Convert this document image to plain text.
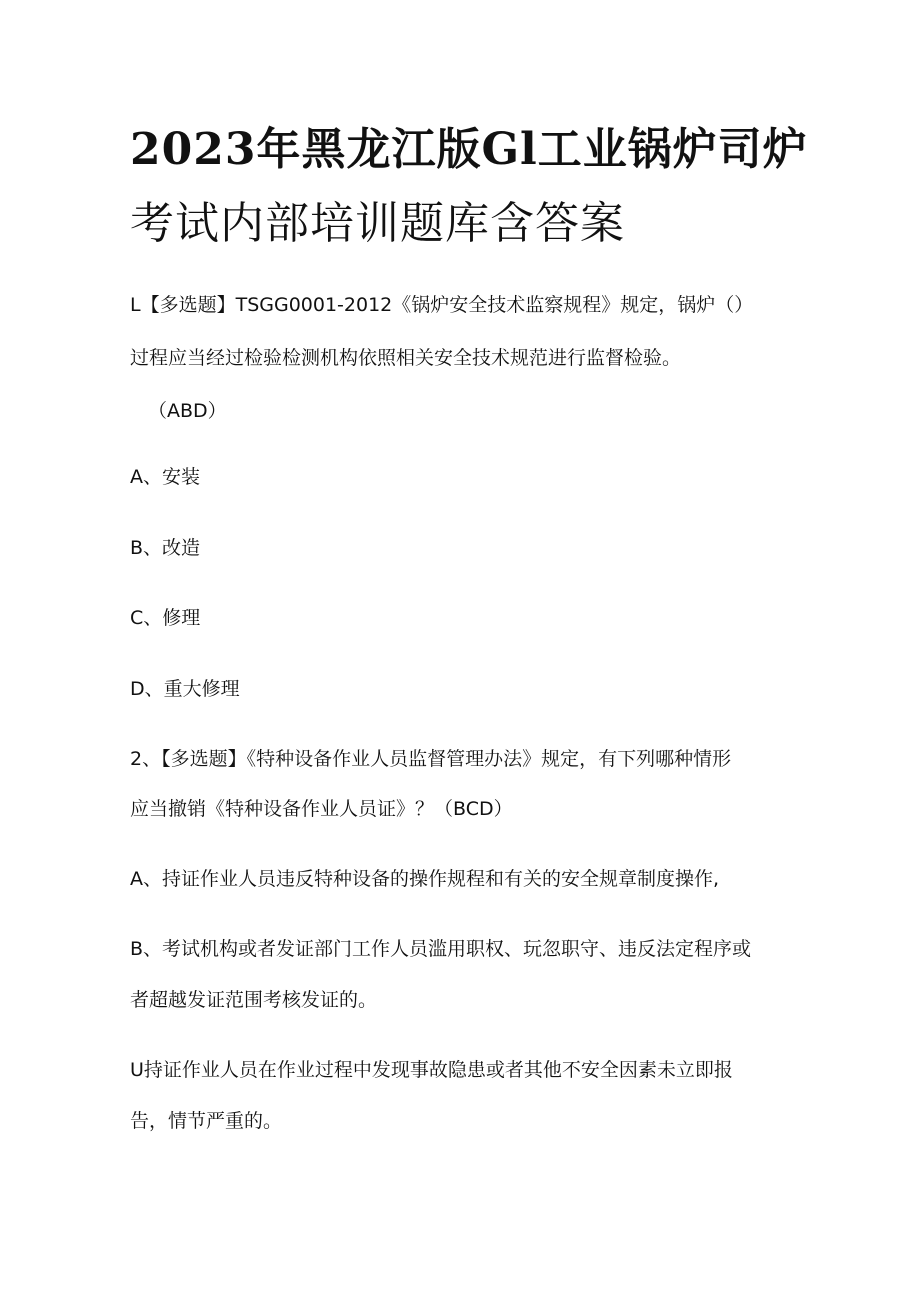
2023年黑龙江版Gl工业锅炉司炉
考试内部培训题库含答案
L【多选题】TSGG0001-2012《锅炉安全技术监察规程》规定，锅炉（）
过程应当经过检验检测机构依照相关安全技术规范进行监督检验。
（ABD）
A、安装
B、改造
C、修理
D、重大修理
2、【多选题】《特种设备作业人员监督管理办法》规定，有下列哪种情形
应当撤销《特种设备作业人员证》？（BCD）
A、持证作业人员违反特种设备的操作规程和有关的安全规章制度操作,
B、考试机构或者发证部门工作人员滥用职权、玩忽职守、违反法定程序或
者超越发证范围考核发证的。
U持证作业人员在作业过程中发现事故隐患或者其他不安全因素未立即报
告，情节严重的。
